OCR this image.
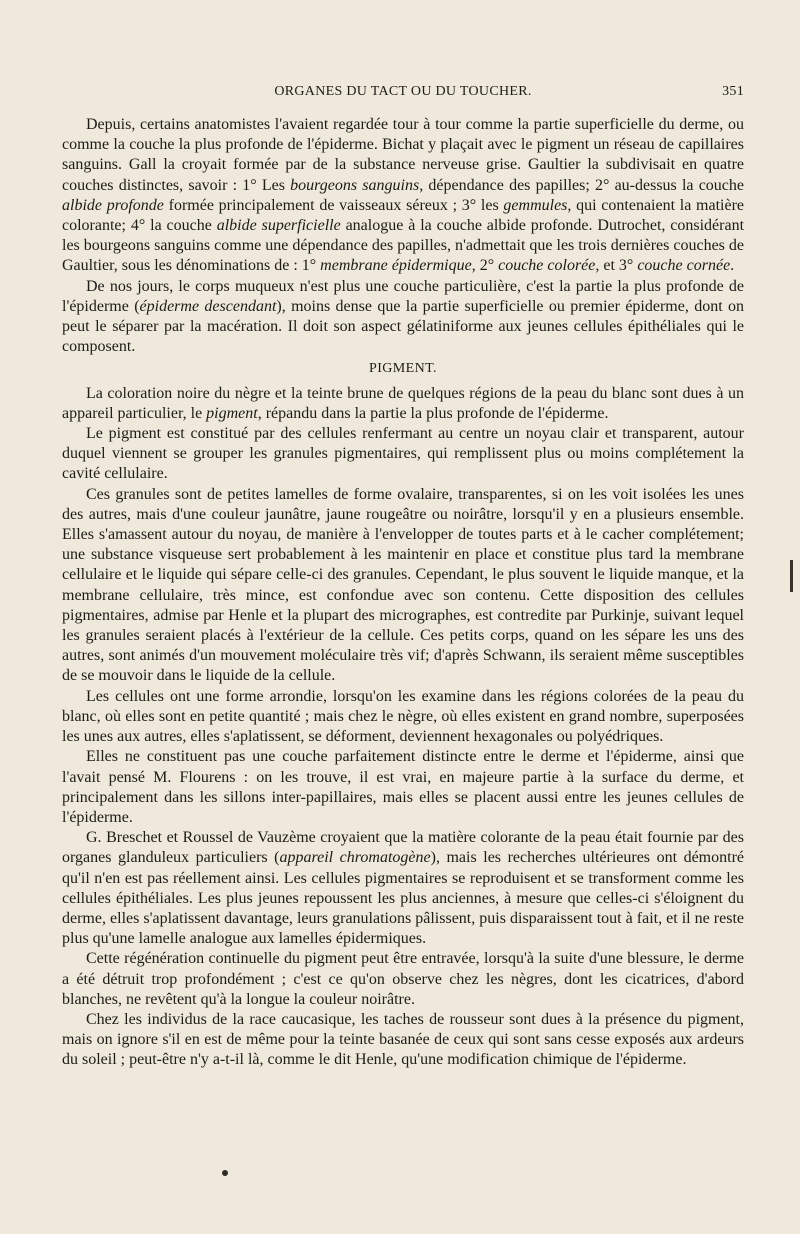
ORGANES DU TACT OU DU TOUCHER.	351

Depuis, certains anatomistes l'avaient regardée tour à tour comme la partie superficielle du derme, ou comme la couche la plus profonde de l'épiderme. Bichat y plaçait avec le pigment un réseau de capillaires sanguins. Gall la croyait formée par de la substance nerveuse grise. Gaultier la subdivisait en quatre couches distinctes, savoir : 1° Les bourgeons sanguins, dépendance des papilles; 2° au-dessus la couche albide profonde formée principalement de vaisseaux séreux ; 3° les gemmules, qui contenaient la matière colorante; 4° la couche albide superficielle analogue à la couche albide profonde. Dutrochet, considérant les bourgeons sanguins comme une dépendance des papilles, n'admettait que les trois dernières couches de Gaultier, sous les dénominations de : 1° membrane épidermique, 2° couche colorée, et 3° couche cornée.

De nos jours, le corps muqueux n'est plus une couche particulière, c'est la partie la plus profonde de l'épiderme (épiderme descendant), moins dense que la partie superficielle ou premier épiderme, dont on peut le séparer par la macération. Il doit son aspect gélatiniforme aux jeunes cellules épithéliales qui le composent.

PIGMENT.

La coloration noire du nègre et la teinte brune de quelques régions de la peau du blanc sont dues à un appareil particulier, le pigment, répandu dans la partie la plus profonde de l'épiderme.

Le pigment est constitué par des cellules renfermant au centre un noyau clair et transparent, autour duquel viennent se grouper les granules pigmentaires, qui remplissent plus ou moins complétement la cavité cellulaire.

Ces granules sont de petites lamelles de forme ovalaire, transparentes, si on les voit isolées les unes des autres, mais d'une couleur jaunâtre, jaune rougeâtre ou noirâtre, lorsqu'il y en a plusieurs ensemble. Elles s'amassent autour du noyau, de manière à l'envelopper de toutes parts et à le cacher complétement; une substance visqueuse sert probablement à les maintenir en place et constitue plus tard la membrane cellulaire et le liquide qui sépare celle-ci des granules. Cependant, le plus souvent le liquide manque, et la membrane cellulaire, très mince, est confondue avec son contenu. Cette disposition des cellules pigmentaires, admise par Henle et la plupart des micrographes, est contredite par Purkinje, suivant lequel les granules seraient placés à l'extérieur de la cellule. Ces petits corps, quand on les sépare les uns des autres, sont animés d'un mouvement moléculaire très vif; d'après Schwann, ils seraient même susceptibles de se mouvoir dans le liquide de la cellule.

Les cellules ont une forme arrondie, lorsqu'on les examine dans les régions colorées de la peau du blanc, où elles sont en petite quantité ; mais chez le nègre, où elles existent en grand nombre, superposées les unes aux autres, elles s'aplatissent, se déforment, deviennent hexagonales ou polyédriques.

Elles ne constituent pas une couche parfaitement distincte entre le derme et l'épiderme, ainsi que l'avait pensé M. Flourens : on les trouve, il est vrai, en majeure partie à la surface du derme, et principalement dans les sillons inter-papillaires, mais elles se placent aussi entre les jeunes cellules de l'épiderme.

G. Breschet et Roussel de Vauzème croyaient que la matière colorante de la peau était fournie par des organes glanduleux particuliers (appareil chromatogène), mais les recherches ultérieures ont démontré qu'il n'en est pas réellement ainsi. Les cellules pigmentaires se reproduisent et se transforment comme les cellules épithéliales. Les plus jeunes repoussent les plus anciennes, à mesure que celles-ci s'éloignent du derme, elles s'aplatissent davantage, leurs granulations pâlissent, puis disparaissent tout à fait, et il ne reste plus qu'une lamelle analogue aux lamelles épidermiques.

Cette régénération continuelle du pigment peut être entravée, lorsqu'à la suite d'une blessure, le derme a été détruit trop profondément ; c'est ce qu'on observe chez les nègres, dont les cicatrices, d'abord blanches, ne revêtent qu'à la longue la couleur noirâtre.

Chez les individus de la race caucasique, les taches de rousseur sont dues à la présence du pigment, mais on ignore s'il en est de même pour la teinte basanée de ceux qui sont sans cesse exposés aux ardeurs du soleil ; peut-être n'y a-t-il là, comme le dit Henle, qu'une modification chimique de l'épiderme.
